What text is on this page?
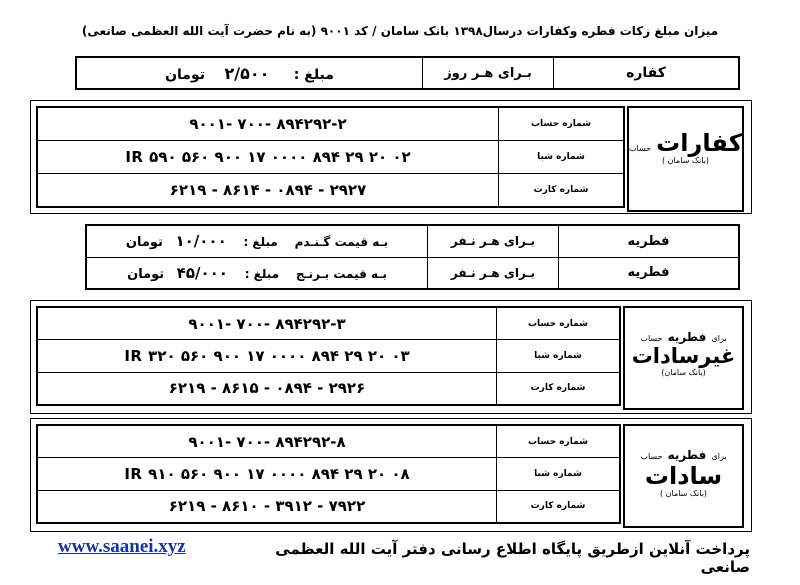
میزان مبلغ زکات فطره وکفارات درسال۱۳۹۸ بانک سامان / کد ۹۰۰۱ (به نام حضرت آیت الله العظمی صانعی)
مبلغ :     ۲/۵۰۰    تومان	بـرای هـر روز	کفاره
۹۰۰۱- ۷۰۰- ۸۹۴۲۹۲-۲	شماره حساب
IR ۵۹۰ ۵۶۰ ۹۰۰ ۱۷ ۰۰۰۰ ۸۹۴ ۲۹ ۲۰ ۰۲	شماره شبا
۶۲۱۹ - ۸۶۱۴ - ۰۸۹۴ - ۲۹۲۷	شماره کارت
کفارات حساب
(بانک سامان )
بـه قیمت گـنـدم    مبلغ :    ۱۰/۰۰۰   تومان	بـرای هـر نـفر	فطریه
بـه قیمت بـرنـج    مبلغ :    ۴۵/۰۰۰   تومان	بـرای هـر نـفر	فطریه
۹۰۰۱- ۷۰۰- ۸۹۴۲۹۲-۳	شماره حساب
IR ۳۲۰ ۵۶۰ ۹۰۰ ۱۷ ۰۰۰۰ ۸۹۴ ۲۹ ۲۰ ۰۳	شماره شبا
۶۲۱۹ - ۸۶۱۵ - ۰۸۹۴ - ۲۹۲۶	شماره کارت
برای فطریه حساب
غیرسادات
(بانک سامان)
۹۰۰۱- ۷۰۰- ۸۹۴۲۹۲-۸	شماره حساب
IR ۹۱۰ ۵۶۰ ۹۰۰ ۱۷ ۰۰۰۰ ۸۹۴ ۲۹ ۲۰ ۰۸	شماره شبا
۶۲۱۹ - ۸۶۱۰ - ۳۹۱۲ - ۷۹۲۲	شماره کارت
برای فطریه حساب
سادات
(بانک سامان )
www.saanei.xyz	پرداخت آنلاین ازطریق پایگاه اطلاع رسانی دفتر آیت الله العظمی صانعی
